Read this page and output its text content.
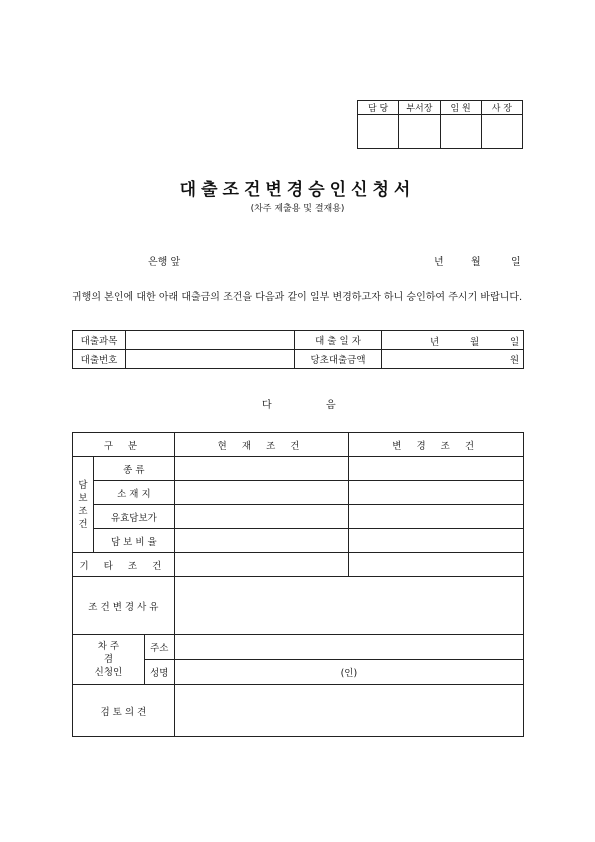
담 당	부서장	임 원	사 장

대출조건변경승인신청서
(차주 제출용 및 결재용)
은행 앞	년	월	일
귀행의 본인에 대한 아래 대출금의 조건을 다음과 같이 일부 변경하고자 하니 승인하여 주시기 바랍니다.
대출과목		대 출 일 자	년 월 일

대출번호		당초대출금액	원
다	음
구 분			현 재 조 건	변 경 조 건

담
보
조
건	종 류			
	소 재 지			
	유효담보가			
	담 보 비 율			
기 타 조 건				
조 건 변 경 사 유				

차 주
겸
신청인		주소		
		성명	(인)	
검 토 의 견				
